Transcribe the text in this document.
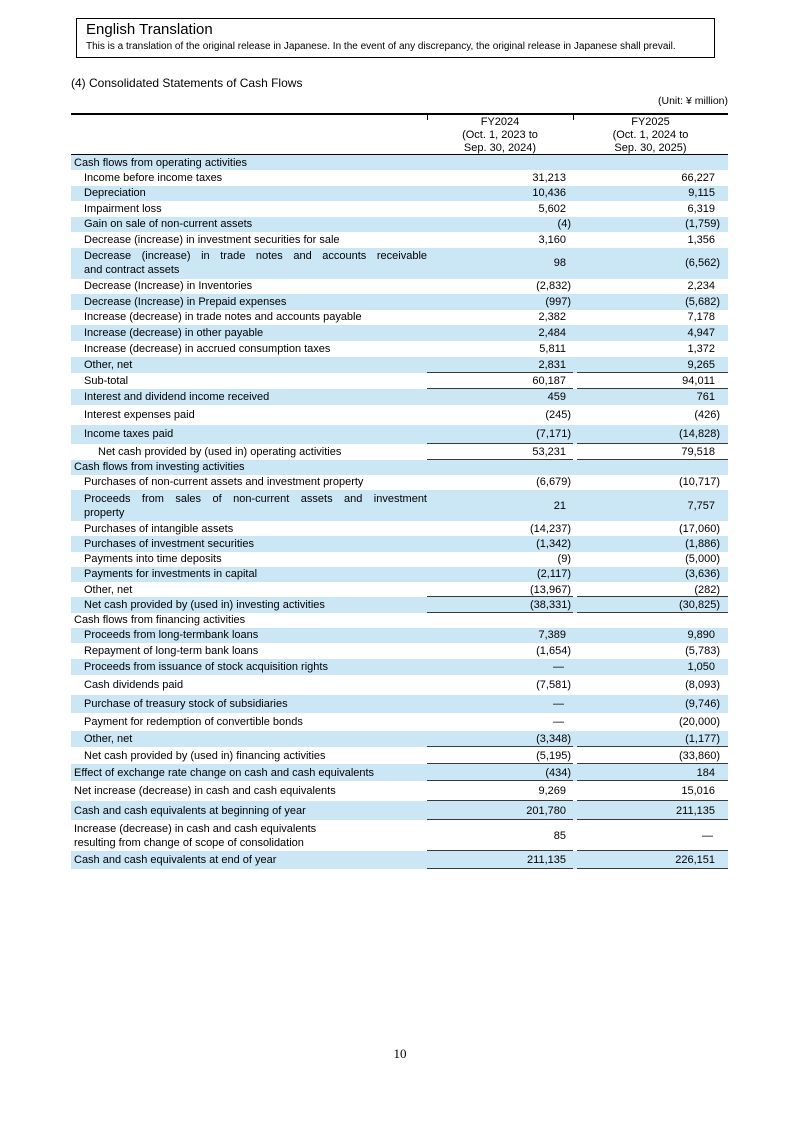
English Translation
This is a translation of the original release in Japanese. In the event of any discrepancy, the original release in Japanese shall prevail.
(4) Consolidated Statements of Cash Flows
(Unit: ¥ million)
FY2024
(Oct. 1, 2023 to
Sep. 30, 2024)
FY2025
(Oct. 1, 2024 to
Sep. 30, 2025)
Cash flows from operating activities
Income before income taxes	31,213	66,227
Depreciation	10,436	9,115
Impairment loss	5,602	6,319
Gain on sale of non-current assets	(4)	(1,759)
Decrease (increase) in investment securities for sale	3,160	1,356
Decrease (increase) in trade notes and accounts receivable
and contract assets
98	(6,562)
Decrease (Increase) in Inventories	(2,832)	2,234
Decrease (Increase) in Prepaid expenses	(997)	(5,682)
Increase (decrease) in trade notes and accounts payable	2,382	7,178
Increase (decrease) in other payable	2,484	4,947
Increase (decrease) in accrued consumption taxes	5,811	1,372
Other, net	2,831	9,265
Sub-total	60,187	94,011
Interest and dividend income received	459	761
Interest expenses paid	(245)	(426)
Income taxes paid	(7,171)	(14,828)
Net cash provided by (used in) operating activities	53,231	79,518
Cash flows from investing activities
Purchases of non-current assets and investment property	(6,679)	(10,717)
Proceeds from sales of non-current assets and investment
property
21	7,757
Purchases of intangible assets	(14,237)	(17,060)
Purchases of investment securities	(1,342)	(1,886)
Payments into time deposits	(9)	(5,000)
Payments for investments in capital	(2,117)	(3,636)
Other, net	(13,967)	(282)
Net cash provided by (used in) investing activities	(38,331)	(30,825)
Cash flows from financing activities
Proceeds from long-termbank loans	7,389	9,890
Repayment of long-term bank loans	(1,654)	(5,783)
Proceeds from issuance of stock acquisition rights	—	1,050
Cash dividends paid	(7,581)	(8,093)
Purchase of treasury stock of subsidiaries	—	(9,746)
Payment for redemption of convertible bonds	—	(20,000)
Other, net	(3,348)	(1,177)
Net cash provided by (used in) financing activities	(5,195)	(33,860)
Effect of exchange rate change on cash and cash equivalents	(434)	184
Net increase (decrease) in cash and cash equivalents	9,269	15,016
Cash and cash equivalents at beginning of year	201,780	211,135
Increase (decrease) in cash and cash equivalents
resulting from change of scope of consolidation
85	—
Cash and cash equivalents at end of year	211,135	226,151
10
